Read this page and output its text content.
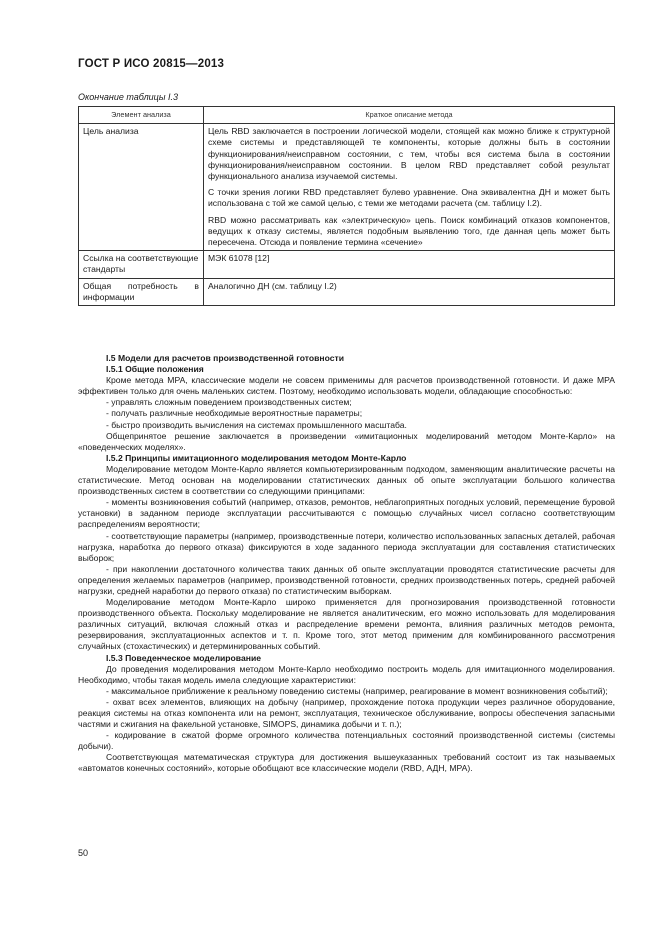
ГОСТ Р ИСО 20815—2013
Окончание таблицы I.3
Элемент анализа	Краткое описание метода
Цель анализа	Цель RBD заключается в построении логической модели, стоящей как можно ближе к структурной схеме системы и представляющей те компоненты, которые должны быть в состоянии функционирования/неисправном состоянии, с тем, чтобы вся система была в состоянии функционирования/неисправном состоянии. В целом RBD представляет собой результат функционального анализа изучаемой системы.

С точки зрения логики RBD представляет булево уравнение. Она эквивалентна ДН и может быть использована с той же самой целью, с теми же методами расчета (см. таблицу I.2).

RBD можно рассматривать как «электрическую» цепь. Поиск комбинаций отказов компонентов, ведущих к отказу системы, является подобным выявлению того, где данная цепь может быть пересечена. Отсюда и появление термина «сечение»

Ссылка на соответствующие стандарты	МЭК 61078 [12]

Общая потребность в информации	Аналогично ДН (см. таблицу I.2)

I.5 Модели для расчетов производственной готовности

I.5.1 Общие положения

Кроме метода МРА, классические модели не совсем применимы для расчетов производственной готовности. И даже МРА эффективен только для очень маленьких систем. Поэтому, необходимо использовать модели, обладающие способностью:

- управлять сложным поведением производственных систем;

- получать различные необходимые вероятностные параметры;

- быстро производить вычисления на системах промышленного масштаба.

Общепринятое решение заключается в произведении «имитационных моделирований методом Монте-Карло» на «поведенческих моделях».

I.5.2 Принципы имитационного моделирования методом Монте-Карло

Моделирование методом Монте-Карло является компьютеризированным подходом, заменяющим аналитические расчеты на статистические. Метод основан на моделировании статистических данных об опыте эксплуатации большого количества производственных систем в соответствии со следующими принципами:

- моменты возникновения событий (например, отказов, ремонтов, неблагоприятных погодных условий, перемещение буровой установки) в заданном периоде эксплуатации рассчитываются с помощью случайных чисел согласно соответствующим распределениям вероятности;

- соответствующие параметры (например, производственные потери, количество использованных запасных деталей, рабочая нагрузка, наработка до первого отказа) фиксируются в ходе заданного периода эксплуатации для составления статистических выборок;

- при накоплении достаточного количества таких данных об опыте эксплуатации проводятся статистические расчеты для определения желаемых параметров (например, производственной готовности, средних производственных потерь, средней рабочей нагрузки, средней наработки до первого отказа) по статистическим выборкам.

Моделирование методом Монте-Карло широко применяется для прогнозирования производственной готовности производственного объекта. Поскольку моделирование не является аналитическим, его можно использовать для моделирования различных ситуаций, включая сложный отказ и распределение времени ремонта, влияния различных методов ремонта, резервирования, эксплуатационных аспектов и т. п. Кроме того, этот метод применим для комбинированного рассмотрения случайных (стохастических) и детерминированных событий.

I.5.3 Поведенческое моделирование

До проведения моделирования методом Монте-Карло необходимо построить модель для имитационного моделирования. Необходимо, чтобы такая модель имела следующие характеристики:

- максимальное приближение к реальному поведению системы (например, реагирование в момент возникновения событий);

- охват всех элементов, влияющих на добычу (например, прохождение потока продукции через различное оборудование, реакция системы на отказ компонента или на ремонт, эксплуатация, техническое обслуживание, вопросы обеспечения запасными частями и сжигания на факельной установке, SIMOPS, динамика добычи и т. п.);

- кодирование в сжатой форме огромного количества потенциальных состояний производственной системы (системы добычи).

Соответствующая математическая структура для достижения вышеуказанных требований состоит из так называемых «автоматов конечных состояний», которые обобщают все классические модели (RBD, АДН, МРА).

50
